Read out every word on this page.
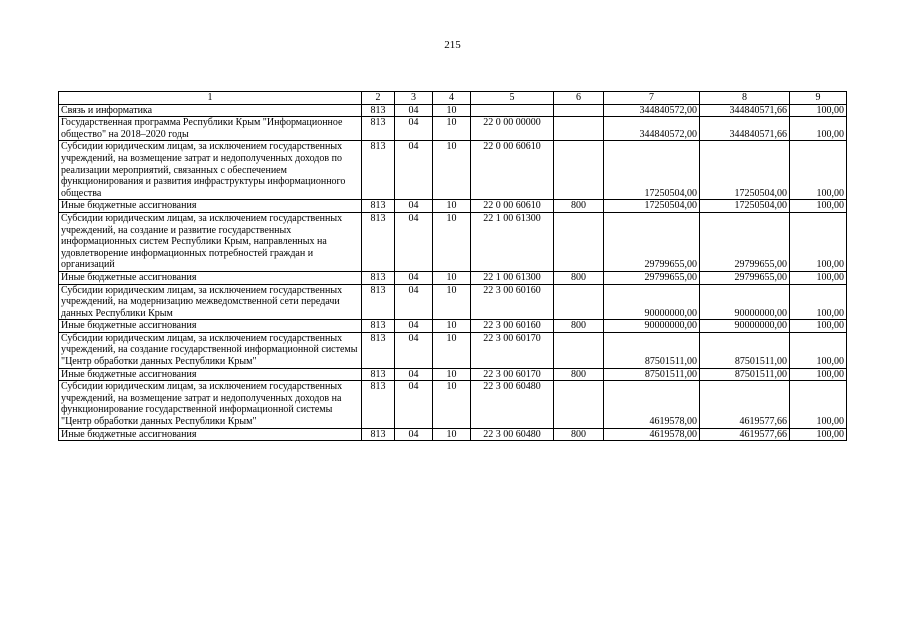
215
1	2	3	4	5	6	7	8	9
Связь и информатика	813	04	10			344840572,00	344840571,66	100,00
Государственная программа Республики Крым "Информационное общество" на 2018–2020 годы	813	04	10	22 0 00 00000		344840572,00	344840571,66	100,00
Субсидии юридическим лицам, за исключением государственных учреждений, на возмещение затрат и недополученных доходов по реализации мероприятий, связанных с обеспечением функционирования и развития инфраструктуры информационного общества	813	04	10	22 0 00 60610		17250504,00	17250504,00	100,00
Иные бюджетные ассигнования	813	04	10	22 0 00 60610	800	17250504,00	17250504,00	100,00
Субсидии юридическим лицам, за исключением государственных учреждений, на создание и развитие государственных информационных систем Республики Крым, направленных на удовлетворение информационных потребностей граждан и организаций	813	04	10	22 1 00 61300		29799655,00	29799655,00	100,00
Иные бюджетные ассигнования	813	04	10	22 1 00 61300	800	29799655,00	29799655,00	100,00
Субсидии юридическим лицам, за исключением государственных учреждений, на модернизацию межведомственной сети передачи данных Республики Крым	813	04	10	22 3 00 60160		90000000,00	90000000,00	100,00
Иные бюджетные ассигнования	813	04	10	22 3 00 60160	800	90000000,00	90000000,00	100,00
Субсидии юридическим лицам, за исключением государственных учреждений, на создание государственной информационной системы "Центр обработки данных Республики Крым"	813	04	10	22 3 00 60170		87501511,00	87501511,00	100,00
Иные бюджетные ассигнования	813	04	10	22 3 00 60170	800	87501511,00	87501511,00	100,00
Субсидии юридическим лицам, за исключением государственных учреждений, на возмещение затрат и недополученных доходов на функционирование государственной информационной системы "Центр обработки данных Республики Крым"	813	04	10	22 3 00 60480		4619578,00	4619577,66	100,00
Иные бюджетные ассигнования	813	04	10	22 3 00 60480	800	4619578,00	4619577,66	100,00
